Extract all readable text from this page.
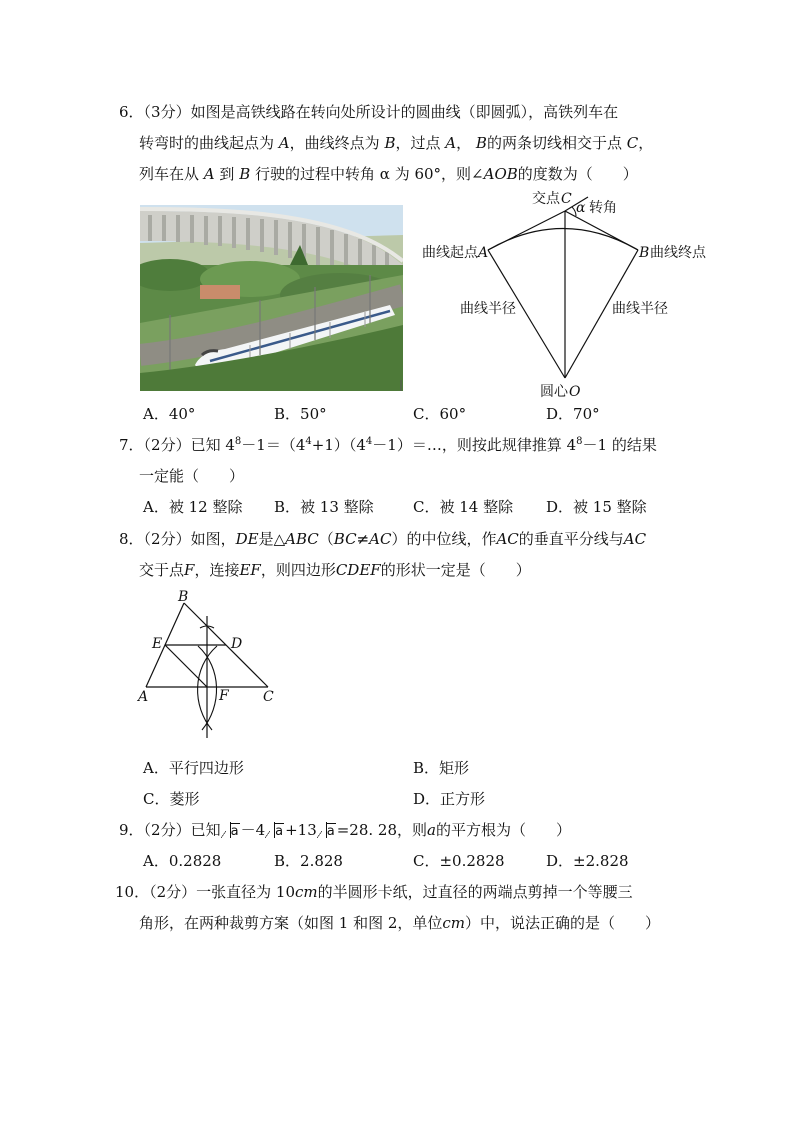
6．（3分）如图是高铁线路在转向处所设计的圆曲线（即圆弧），高铁列车在
转弯时的曲线起点为 A，曲线终点为 B，过点 A， B的两条切线相交于点 C，
列车在从 A 到 B 行驶的过程中转角 α 为 60°，则∠AOB的度数为（　　）
交点 C
α 转角
曲线起点 A	B 曲线终点
曲线半径	曲线半径
圆心 O
A．40°	B．50°	C．60°	D．70°
7．（2分）已知 $4^8-1=(4^4+1)(4^4-1)=\dots$，则按此规律推算 $4^8-1$ 的结果
一定能（　　）
A．被 12 整除 B．被 13 整除	C．被 14 整除 D．被 15 整除
8．（2分）如图，DE是△ABC（BC≠AC）的中位线，作AC的垂直平分线与AC
交于点F，连接EF，则四边形CDEF的形状一定是（　　）
B
E	D
A	F C
A．平行四边形	B．矩形
C．菱形	D．正方形
9．（2分）已知 a －4 a +13 a =28. 28，则a的平方根为（　　）
A．0.2828	B．2.828	C．±0.2828	D．±2.828
10．（2分）一张直径为 10cm的半圆形卡纸，过直径的两端点剪掉一个等腰三
角形，在两种裁剪方案（如图 1 和图 2，单位cm）中，说法正确的是（　　）
